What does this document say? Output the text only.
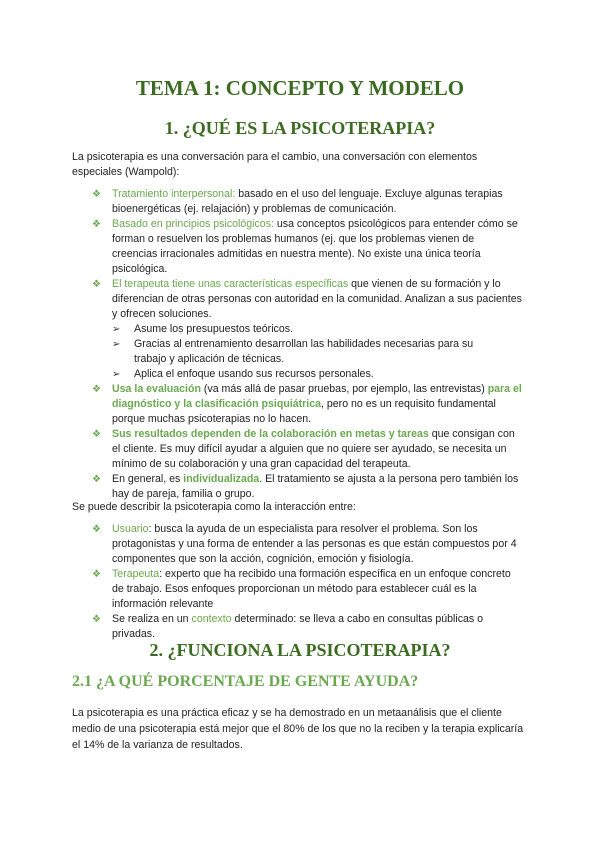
TEMA 1: CONCEPTO Y MODELO
1. ¿QUÉ ES LA PSICOTERAPIA?

La psicoterapia es una conversación para el cambio, una conversación con elementos especiales (Wampold):

❖ Tratamiento interpersonal: basado en el uso del lenguaje. Excluye algunas terapias bioenergéticas (ej. relajación) y problemas de comunicación.
❖ Basado en principios psicológicos: usa conceptos psicológicos para entender cómo se forman o resuelven los problemas humanos (ej. que los problemas vienen de creencias irracionales admitidas en nuestra mente). No existe una única teoría psicológica.
❖ El terapeuta tiene unas características específicas que vienen de su formación y lo diferencian de otras personas con autoridad en la comunidad. Analizan a sus pacientes y ofrecen soluciones.
➢ Asume los presupuestos teóricos.
➢ Gracias al entrenamiento desarrollan las habilidades necesarias para su trabajo y aplicación de técnicas.
➢ Aplica el enfoque usando sus recursos personales.
❖ Usa la evaluación (va más allá de pasar pruebas, por ejemplo, las entrevistas) para el diagnóstico y la clasificación psiquiátrica, pero no es un requisito fundamental porque muchas psicoterapias no lo hacen.
❖ Sus resultados dependen de la colaboración en metas y tareas que consigan con el cliente. Es muy difícil ayudar a alguien que no quiere ser ayudado, se necesita un mínimo de su colaboración y una gran capacidad del terapeuta.
❖ En general, es individualizada. El tratamiento se ajusta a la persona pero también los hay de pareja, familia o grupo.

Se puede describir la psicoterapia como la interacción entre:

❖ Usuario: busca la ayuda de un especialista para resolver el problema. Son los protagonistas y una forma de entender a las personas es que están compuestos por 4 componentes que son la acción, cognición, emoción y fisiología.
❖ Terapeuta: experto que ha recibido una formación específica en un enfoque concreto de trabajo. Esos enfoques proporcionan un método para establecer cuál es la información relevante
❖ Se realiza en un contexto determinado: se lleva a cabo en consultas públicas o privadas.
2. ¿FUNCIONA LA PSICOTERAPIA?
2.1 ¿A QUÉ PORCENTAJE DE GENTE AYUDA?

La psicoterapia es una práctica eficaz y se ha demostrado en un metaanálisis que el cliente medio de una psicoterapia está mejor que el 80% de los que no la reciben y la terapia explicaría el 14% de la varianza de resultados.
